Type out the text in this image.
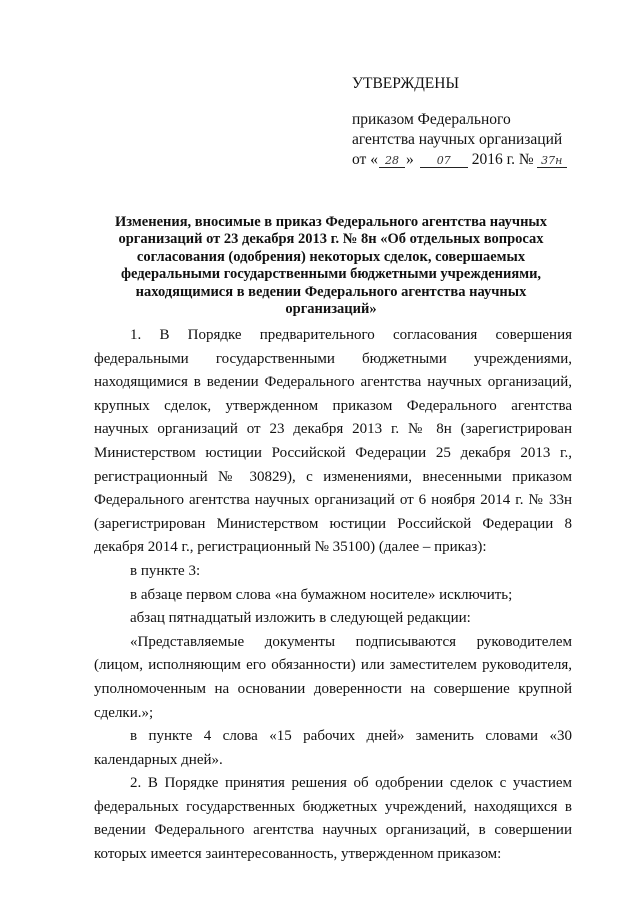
УТВЕРЖДЕНЫ
приказом Федерального
агентства научных организаций
от « 28 » 07 2016 г. № 37н
Изменения, вносимые в приказ Федерального агентства научных организаций от 23 декабря 2013 г. № 8н «Об отдельных вопросах согласования (одобрения) некоторых сделок, совершаемых федеральными государственными бюджетными учреждениями, находящимися в ведении Федерального агентства научных организаций»

1. В Порядке предварительного согласования совершения федеральными государственными бюджетными учреждениями, находящимися в ведении Федерального агентства научных организаций, крупных сделок, утвержденном приказом Федерального агентства научных организаций от 23 декабря 2013 г. № 8н (зарегистрирован Министерством юстиции Российской Федерации 25 декабря 2013 г., регистрационный № 30829), с изменениями, внесенными приказом Федерального агентства научных организаций от 6 ноября 2014 г. № 33н (зарегистрирован Министерством юстиции Российской Федерации 8 декабря 2014 г., регистрационный № 35100) (далее – приказ):

в пункте 3:

в абзаце первом слова «на бумажном носителе» исключить;

абзац пятнадцатый изложить в следующей редакции:

«Представляемые документы подписываются руководителем (лицом, исполняющим его обязанности) или заместителем руководителя, уполномоченным на основании доверенности на совершение крупной сделки.»;

в пункте 4 слова «15 рабочих дней» заменить словами «30 календарных дней».

2. В Порядке принятия решения об одобрении сделок с участием федеральных государственных бюджетных учреждений, находящихся в ведении Федерального агентства научных организаций, в совершении которых имеется заинтересованность, утвержденном приказом:
